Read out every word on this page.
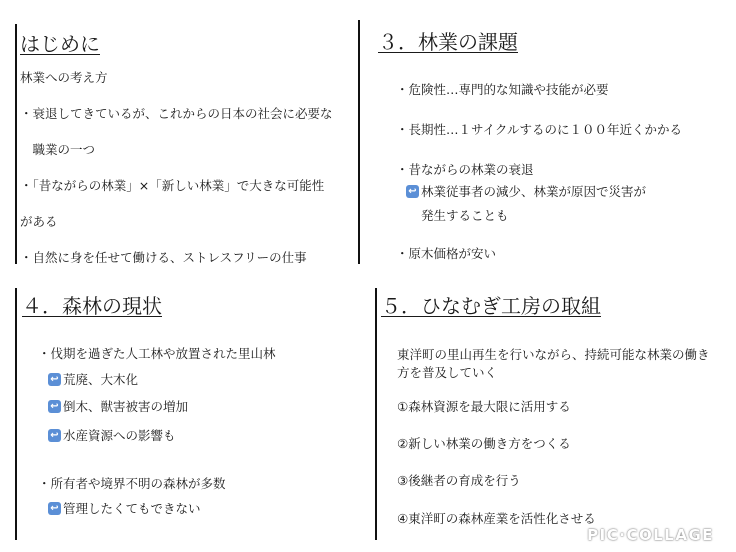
はじめに
林業への考え方
・衰退してきているが、これからの日本の社会に必要な
　職業の一つ
・「昔ながらの林業」×「新しい林業」で大きな可能性
がある
・自然に身を任せて働ける、ストレスフリーの仕事
３．林業の課題
・危険性…専門的な知識や技能が必要
・長期性…１サイクルするのに１００年近くかかる
・昔ながらの林業の衰退
↩ 林業従事者の減少、林業が原因で災害が
発生することも
・原木価格が安い
４．森林の現状
・伐期を過ぎた人工林や放置された里山林
↩ 荒廃、大木化
↩ 倒木、獣害被害の増加
↩ 水産資源への影響も
・所有者や境界不明の森林が多数
↩ 管理したくてもできない
５．ひなむぎ工房の取組
東洋町の里山再生を行いながら、持続可能な林業の働き
方を普及していく
①森林資源を最大限に活用する
②新しい林業の働き方をつくる
③後継者の育成を行う
④東洋町の森林産業を活性化させる
PIC·COLLAGE
